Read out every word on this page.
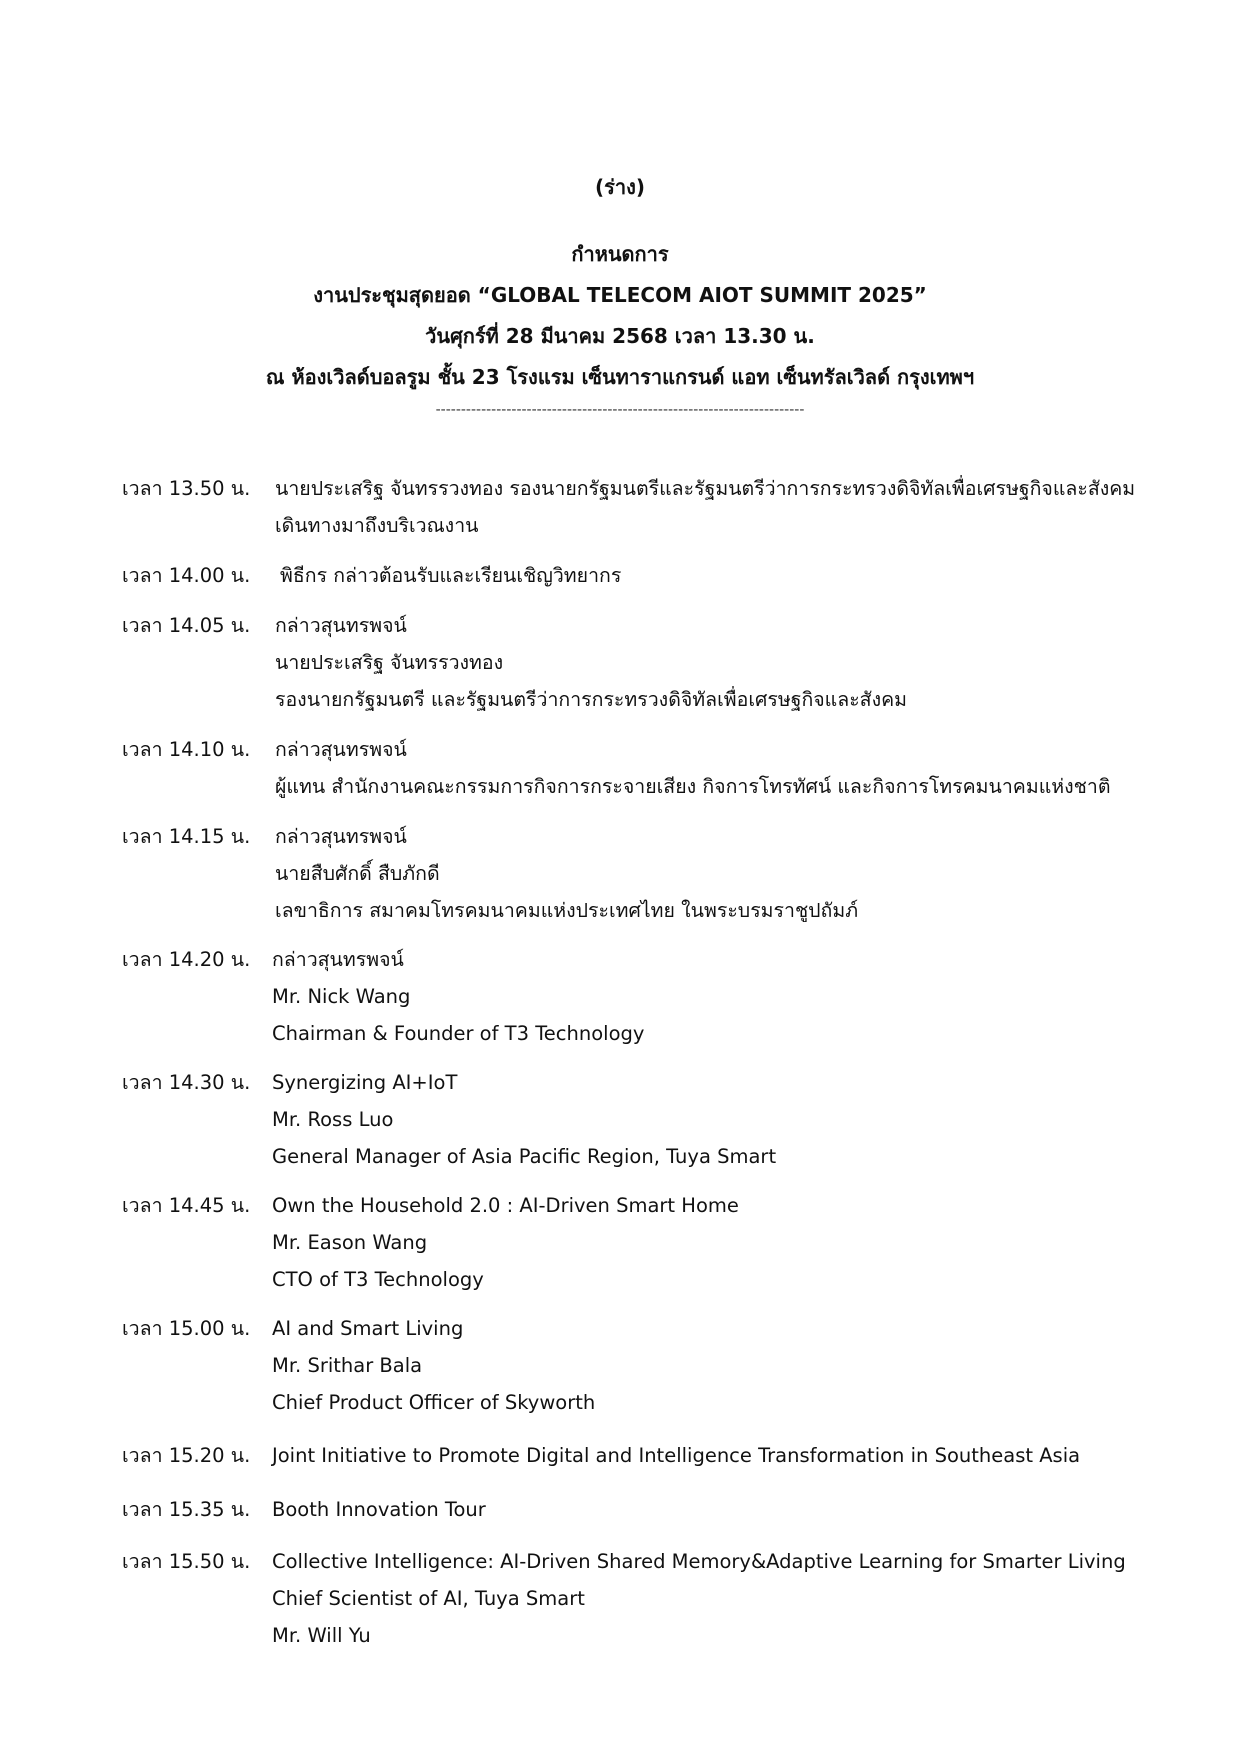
(ร่าง)
กำหนดการ
งานประชุมสุดยอด “GLOBAL TELECOM AIOT SUMMIT 2025”
วันศุกร์ที่ 28 มีนาคม 2568 เวลา 13.30 น.
ณ ห้องเวิลด์บอลรูม ชั้น 23 โรงแรม เซ็นทาราแกรนด์ แอท เซ็นทรัลเวิลด์ กรุงเทพฯ
-------------------------------------------------------------------------
เวลา 13.50 น.	นายประเสริฐ จันทรรวงทอง รองนายกรัฐมนตรีและรัฐมนตรีว่าการกระทรวงดิจิทัลเพื่อเศรษฐกิจและสังคม
เดินทางมาถึงบริเวณงาน
เวลา 14.00 น.	พิธีกร กล่าวต้อนรับและเรียนเชิญวิทยากร
เวลา 14.05 น.	กล่าวสุนทรพจน์
นายประเสริฐ จันทรรวงทอง
รองนายกรัฐมนตรี และรัฐมนตรีว่าการกระทรวงดิจิทัลเพื่อเศรษฐกิจและสังคม
เวลา 14.10 น.	กล่าวสุนทรพจน์
ผู้แทน สำนักงานคณะกรรมการกิจการกระจายเสียง กิจการโทรทัศน์ และกิจการโทรคมนาคมแห่งชาติ
เวลา 14.15 น.	กล่าวสุนทรพจน์
นายสืบศักดิ์ สืบภักดี
เลขาธิการ สมาคมโทรคมนาคมแห่งประเทศไทย ในพระบรมราชูปถัมภ์
เวลา 14.20 น.	กล่าวสุนทรพจน์
Mr. Nick Wang
Chairman & Founder of T3 Technology
เวลา 14.30 น.	Synergizing AI+IoT
Mr. Ross Luo
General Manager of Asia Pacific Region, Tuya Smart
เวลา 14.45 น.	Own the Household 2.0 : AI-Driven Smart Home
Mr. Eason Wang
CTO of T3 Technology
เวลา 15.00 น.	AI and Smart Living
Mr. Srithar Bala
Chief Product Officer of Skyworth
เวลา 15.20 น.	Joint Initiative to Promote Digital and Intelligence Transformation in Southeast Asia
เวลา 15.35 น.	Booth Innovation Tour
เวลา 15.50 น.	Collective Intelligence: AI-Driven Shared Memory&Adaptive Learning for Smarter Living
Chief Scientist of AI, Tuya Smart
Mr. Will Yu
